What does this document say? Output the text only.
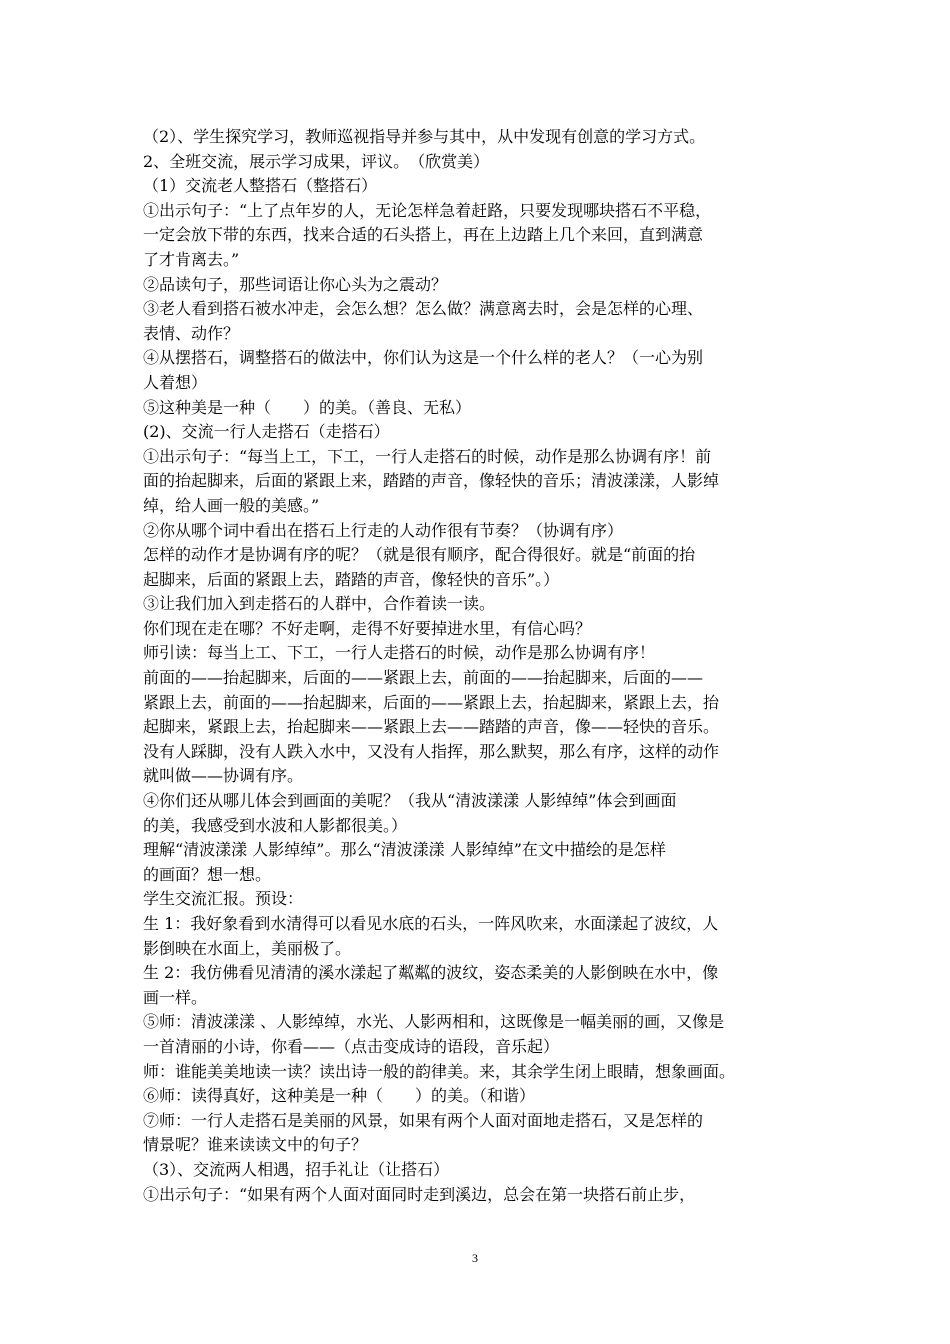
（2）、学生探究学习，教师巡视指导并参与其中，从中发现有创意的学习方式。
2、全班交流，展示学习成果，评议。　（欣赏美）
（1）交流老人整搭石（整搭石）
①出示句子：“上了点年岁的人，无论怎样急着赶路，只要发现哪块搭石不平稳，
一定会放下带的东西，找来合适的石头搭上，再在上边踏上几个来回，直到满意
了才肯离去。”
②品读句子，那些词语让你心头为之震动？
③老人看到搭石被水冲走，会怎么想？怎么做？满意离去时，会是怎样的心理、
表情、动作？
④从摆搭石，调整搭石的做法中，你们认为这是一个什么样的老人？（一心为别
人着想）
⑤这种美是一种（　　）的美。（善良、无私）
(2)、交流一行人走搭石（走搭石）
①出示句子：“每当上工，下工，一行人走搭石的时候，动作是那么协调有序！前
面的抬起脚来，后面的紧跟上来，踏踏的声音，像轻快的音乐；清波漾漾，人影绰
绰，给人画一般的美感。”
②你从哪个词中看出在搭石上行走的人动作很有节奏？（协调有序）
怎样的动作才是协调有序的呢？（就是很有顺序，配合得很好。就是“前面的抬
起脚来，后面的紧跟上去，踏踏的声音，像轻快的音乐”。）
③让我们加入到走搭石的人群中，合作着读一读。
你们现在走在哪？不好走啊，走得不好要掉进水里，有信心吗？
师引读：每当上工、下工，一行人走搭石的时候，动作是那么协调有序！
前面的——抬起脚来，后面的——紧跟上去，前面的——抬起脚来，后面的——
紧跟上去，前面的——抬起脚来，后面的——紧跟上去，抬起脚来，紧跟上去，抬
起脚来，紧跟上去，抬起脚来——紧跟上去——踏踏的声音，像——轻快的音乐。
没有人踩脚，没有人跌入水中，又没有人指挥，那么默契，那么有序，这样的动作
就叫做——协调有序。
④你们还从哪儿体会到画面的美呢？（我从“清波漾漾 人影绰绰”体会到画面
的美，我感受到水波和人影都很美。）
理解“清波漾漾 人影绰绰”。那么“清波漾漾 人影绰绰”在文中描绘的是怎样
的画面？想一想。
学生交流汇报。预设：
生 1：我好象看到水清得可以看见水底的石头，一阵风吹来，水面漾起了波纹，人
影倒映在水面上，美丽极了。
生 2：我仿佛看见清清的溪水漾起了粼粼的波纹，姿态柔美的人影倒映在水中，像
画一样。
⑤师：清波漾漾 、人影绰绰，水光、人影两相和，这既像是一幅美丽的画，又像是
一首清丽的小诗，你看——（点击变成诗的语段，音乐起）
师：谁能美美地读一读？读出诗一般的韵律美。来，其余学生闭上眼睛，想象画面。
⑥师：读得真好，这种美是一种（　　）的美。（和谐）
⑦师：一行人走搭石是美丽的风景，如果有两个人面对面地走搭石，又是怎样的
情景呢？谁来读读文中的句子？
（3）、交流两人相遇，招手礼让（让搭石）
①出示句子：“如果有两个人面对面同时走到溪边，总会在第一块搭石前止步，
3
